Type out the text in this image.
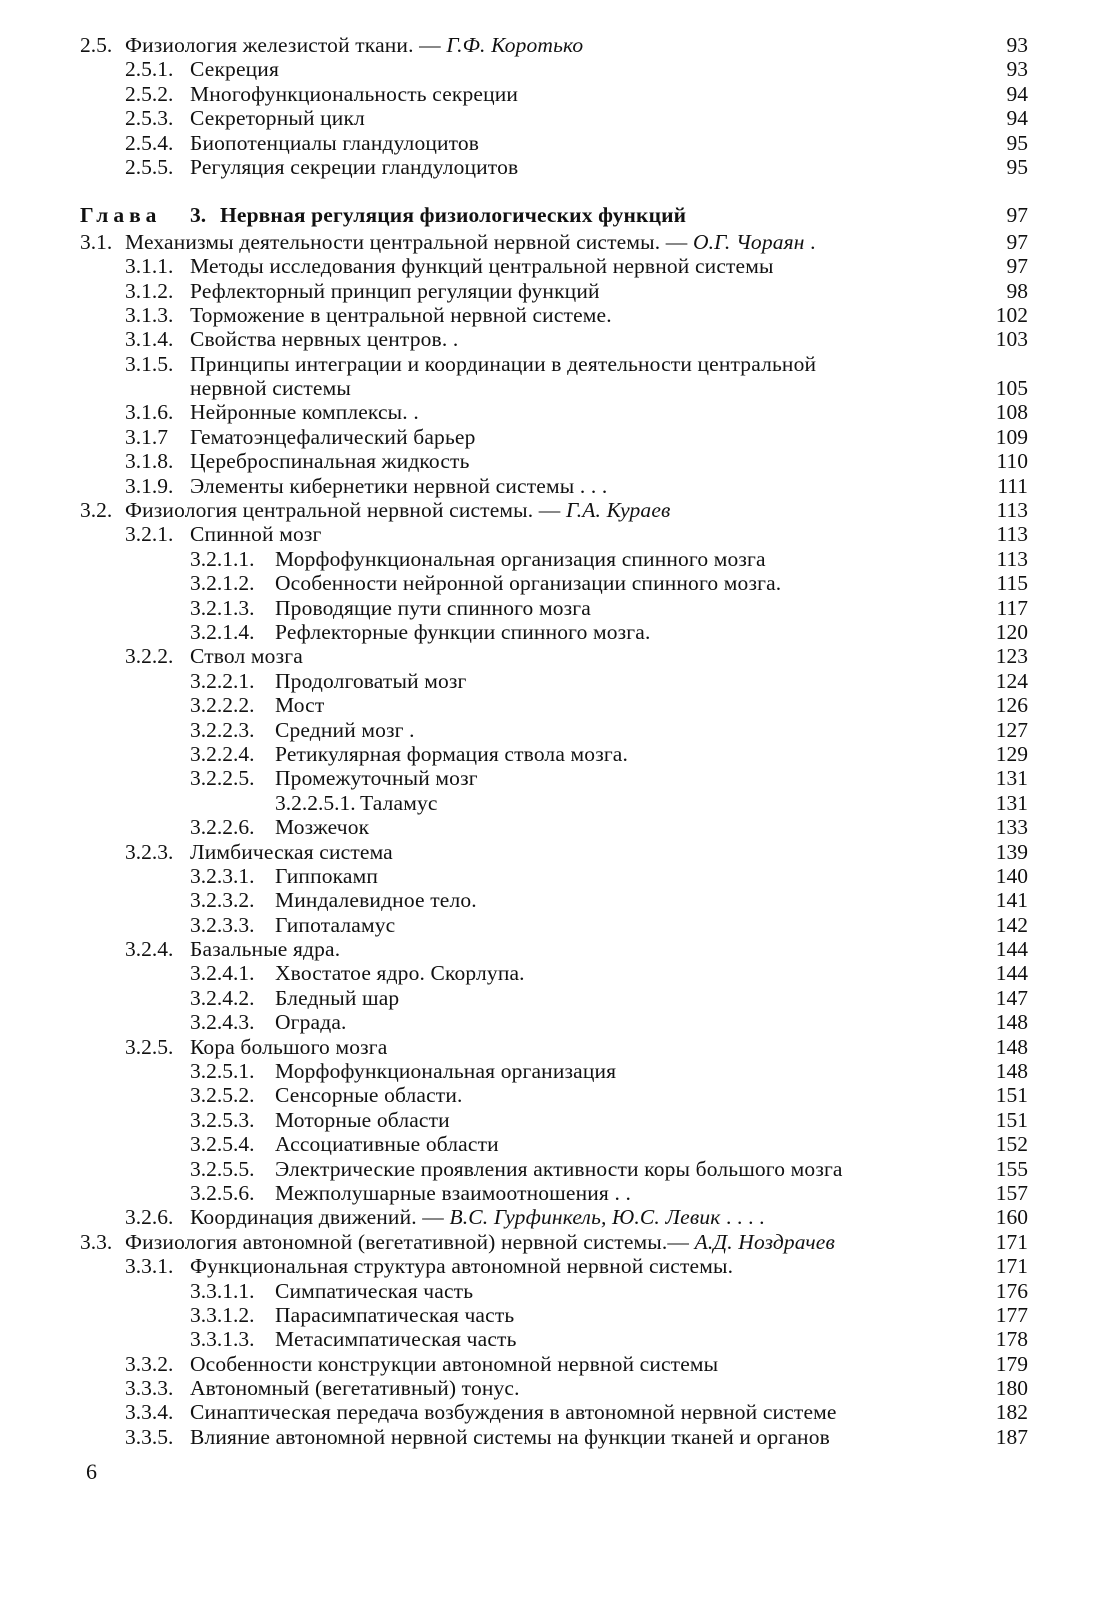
2.5. Физиология железистой ткани. — Г.Ф. Коротько	93
2.5.1. Секреция	93
2.5.2. Многофункциональность секреции	94
2.5.3. Секреторный цикл	94
2.5.4. Биопотенциалы гландулоцитов	95
2.5.5. Регуляция секреции гландулоцитов	95
Глава 3. Нервная регуляция физиологических функций	97
3.1. Механизмы деятельности центральной нервной системы. — О.Г. Чораян .	97
3.1.1. Методы исследования функций центральной нервной системы	97
3.1.2. Рефлекторный принцип регуляции функций	98
3.1.3. Торможение в центральной нервной системе.	102
3.1.4. Свойства нервных центров. .	103
3.1.5. Принципы интеграции и координации в деятельности центральной
нервной системы	105
3.1.6. Нейронные комплексы. .	108
3.1.7 Гематоэнцефалический барьер	109
3.1.8. Цереброспинальная жидкость	110
3.1.9. Элементы кибернетики нервной системы . . .	111
3.2. Физиология центральной нервной системы. — Г.А. Кураев	113
3.2.1. Спинной мозг	113
3.2.1.1. Морфофункциональная организация спинного мозга	113
3.2.1.2. Особенности нейронной организации спинного мозга.	115
3.2.1.3. Проводящие пути спинного мозга	117
3.2.1.4. Рефлекторные функции спинного мозга.	120
3.2.2. Ствол мозга	123
3.2.2.1. Продолговатый мозг	124
3.2.2.2. Мост	126
3.2.2.3. Средний мозг .	127
3.2.2.4. Ретикулярная формация ствола мозга.	129
3.2.2.5. Промежуточный мозг	131
3.2.2.5.1. Таламус	131
3.2.2.6. Мозжечок	133
3.2.3. Лимбическая система	139
3.2.3.1. Гиппокамп	140
3.2.3.2. Миндалевидное тело.	141
3.2.3.3. Гипоталамус	142
3.2.4. Базальные ядра.	144
3.2.4.1. Хвостатое ядро. Скорлупа.	144
3.2.4.2. Бледный шар	147
3.2.4.3. Ограда.	148
3.2.5. Кора большого мозга	148
3.2.5.1. Морфофункциональная организация	148
3.2.5.2. Сенсорные области.	151
3.2.5.3. Моторные области	151
3.2.5.4. Ассоциативные области	152
3.2.5.5. Электрические проявления активности коры большого мозга	155
3.2.5.6. Межполушарные взаимоотношения . .	157
3.2.6. Координация движений. — В.С. Гурфинкель, Ю.С. Левик . . . .	160
3.3. Физиология автономной (вегетативной) нервной системы.— А.Д. Ноздрачев	171
3.3.1. Функциональная структура автономной нервной системы.	171
3.3.1.1. Симпатическая часть	176
3.3.1.2. Парасимпатическая часть	177
3.3.1.3. Метасимпатическая часть	178
3.3.2. Особенности конструкции автономной нервной системы	179
3.3.3. Автономный (вегетативный) тонус.	180
3.3.4. Синаптическая передача возбуждения в автономной нервной системе	182
3.3.5. Влияние автономной нервной системы на функции тканей и органов	187
6
